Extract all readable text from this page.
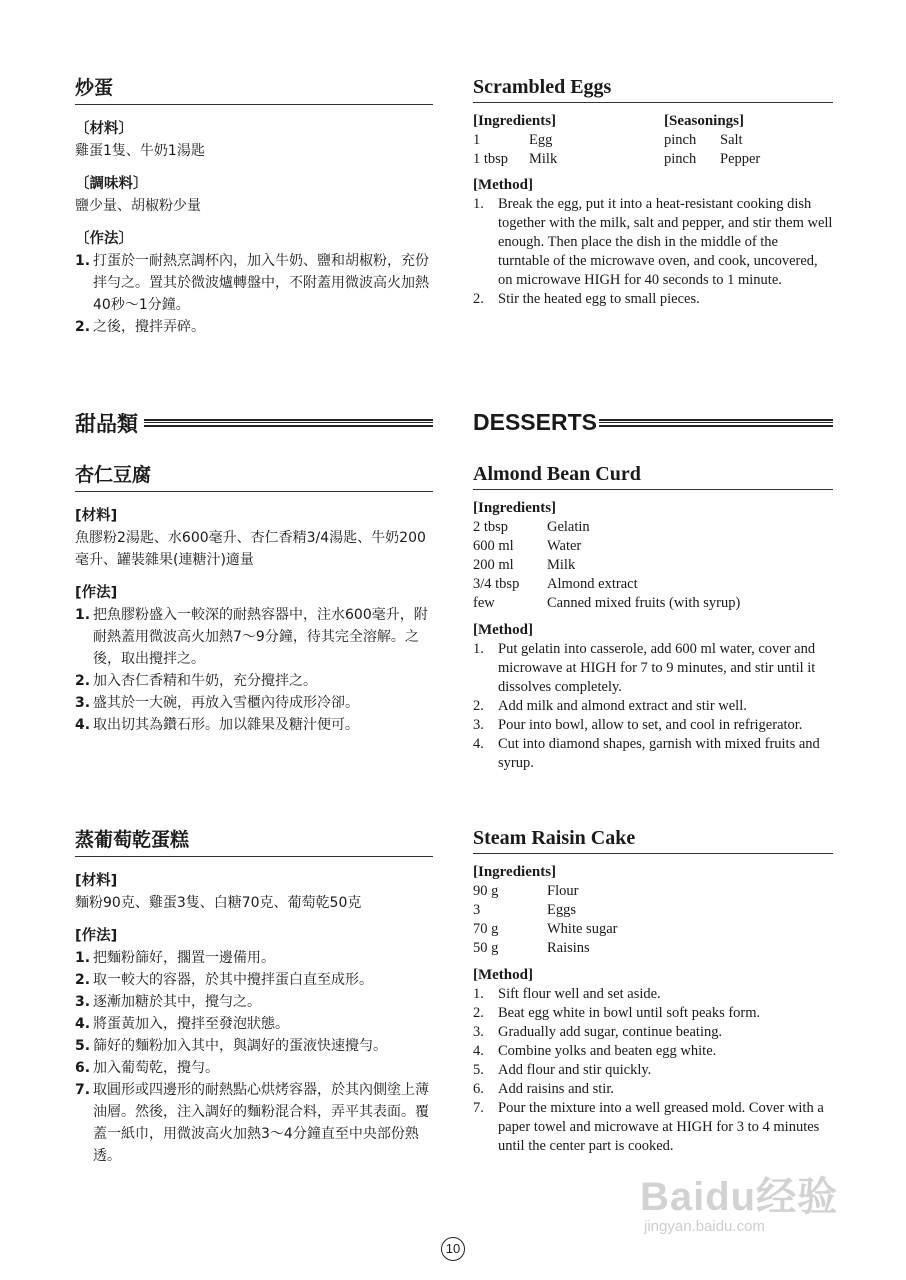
炒蛋
〔材料〕

雞蛋1隻、牛奶1湯匙

〔調味料〕

鹽少量、胡椒粉少量

〔作法〕
1. 打蛋於一耐熱烹調杯內，加入牛奶、鹽和胡椒粉，充份拌勻之。置其於微波爐轉盤中，不附蓋用微波高火加熱40秒～1分鐘。
2. 之後，攪拌弄碎。
Scrambled Eggs
[Ingredients]
1	Egg
1 tbsp	Milk
[Seasonings]
pinch	Salt
pinch	Pepper
[Method]
1. Break the egg, put it into a heat-resistant cooking dish together with the milk, salt and pepper, and stir them well enough. Then place the dish in the middle of the turntable of the microwave oven, and cook, uncovered, on microwave HIGH for 40 seconds to 1 minute.
2. Stir the heated egg to small pieces.
甜品類	DESSERTS
杏仁豆腐
[材料]

魚膠粉2湯匙、水600毫升、杏仁香精3/4湯匙、牛奶200毫升、罐裝雜果(連糖汁)適量

[作法]
1. 把魚膠粉盛入一較深的耐熱容器中，注水600毫升，附耐熱蓋用微波高火加熱7～9分鐘，待其完全溶解。之後，取出攪拌之。
2. 加入杏仁香精和牛奶，充分攪拌之。
3. 盛其於一大碗，再放入雪櫃內待成形冷卻。
4. 取出切其為鑽石形。加以雜果及糖汁便可。
Almond Bean Curd
[Ingredients]
2 tbsp	Gelatin
600 ml	Water
200 ml	Milk
3/4 tbsp	Almond extract
few	Canned mixed fruits (with syrup)
[Method]
1. Put gelatin into casserole, add 600 ml water, cover and microwave at HIGH for 7 to 9 minutes, and stir until it dissolves completely.
2. Add milk and almond extract and stir well.
3. Pour into bowl, allow to set, and cool in refrigerator.
4. Cut into diamond shapes, garnish with mixed fruits and syrup.
蒸葡萄乾蛋糕
[材料]

麵粉90克、雞蛋3隻、白糖70克、葡萄乾50克

[作法]
1. 把麵粉篩好，擱置一邊備用。
2. 取一較大的容器，於其中攪拌蛋白直至成形。
3. 逐漸加糖於其中，攪勻之。
4. 將蛋黃加入，攪拌至發泡狀態。
5. 篩好的麵粉加入其中，與調好的蛋液快速攪勻。
6. 加入葡萄乾，攪勻。
7. 取圓形或四邊形的耐熱點心烘烤容器，於其內側塗上薄油層。然後，注入調好的麵粉混合料，弄平其表面。覆蓋一紙巾，用微波高火加熱3～4分鐘直至中央部份熟透。
Steam Raisin Cake
[Ingredients]
90 g	Flour
3	Eggs
70 g	White sugar
50 g	Raisins
[Method]
1. Sift flour well and set aside.
2. Beat egg white in bowl until soft peaks form.
3. Gradually add sugar, continue beating.
4. Combine yolks and beaten egg white.
5. Add flour and stir quickly.
6. Add raisins and stir.
7. Pour the mixture into a well greased mold. Cover with a paper towel and microwave at HIGH for 3 to 4 minutes until the center part is cooked.
Baidu经验
jingyan.baidu.com
10
